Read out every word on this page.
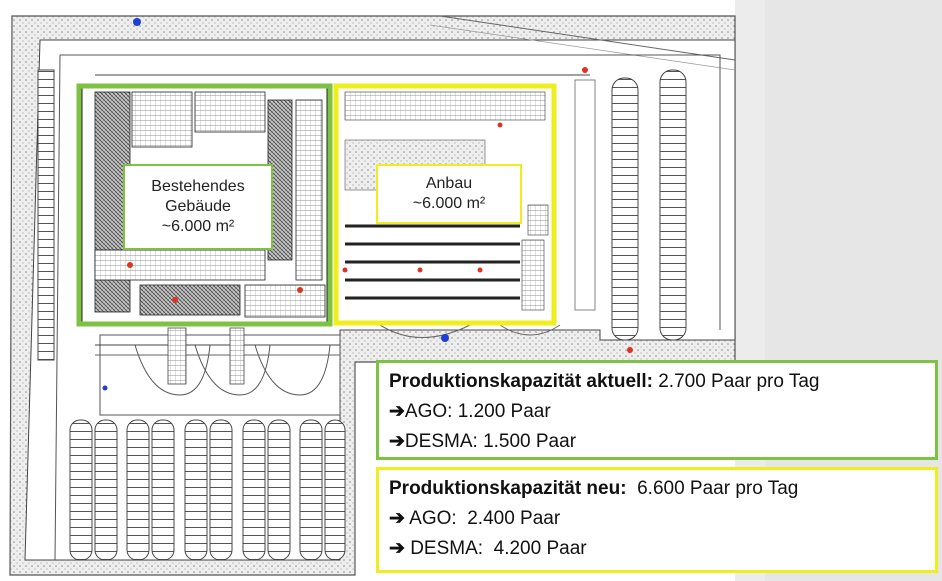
Bestehendes
Gebäude
~6.000 m²
Anbau
~6.000 m²
Produktionskapazität aktuell: 2.700 Paar pro Tag
➔AGO: 1.200 Paar
➔DESMA: 1.500 Paar
Produktionskapazität neu: 6.600 Paar pro Tag
➔ AGO: 2.400 Paar
➔ DESMA: 4.200 Paar
